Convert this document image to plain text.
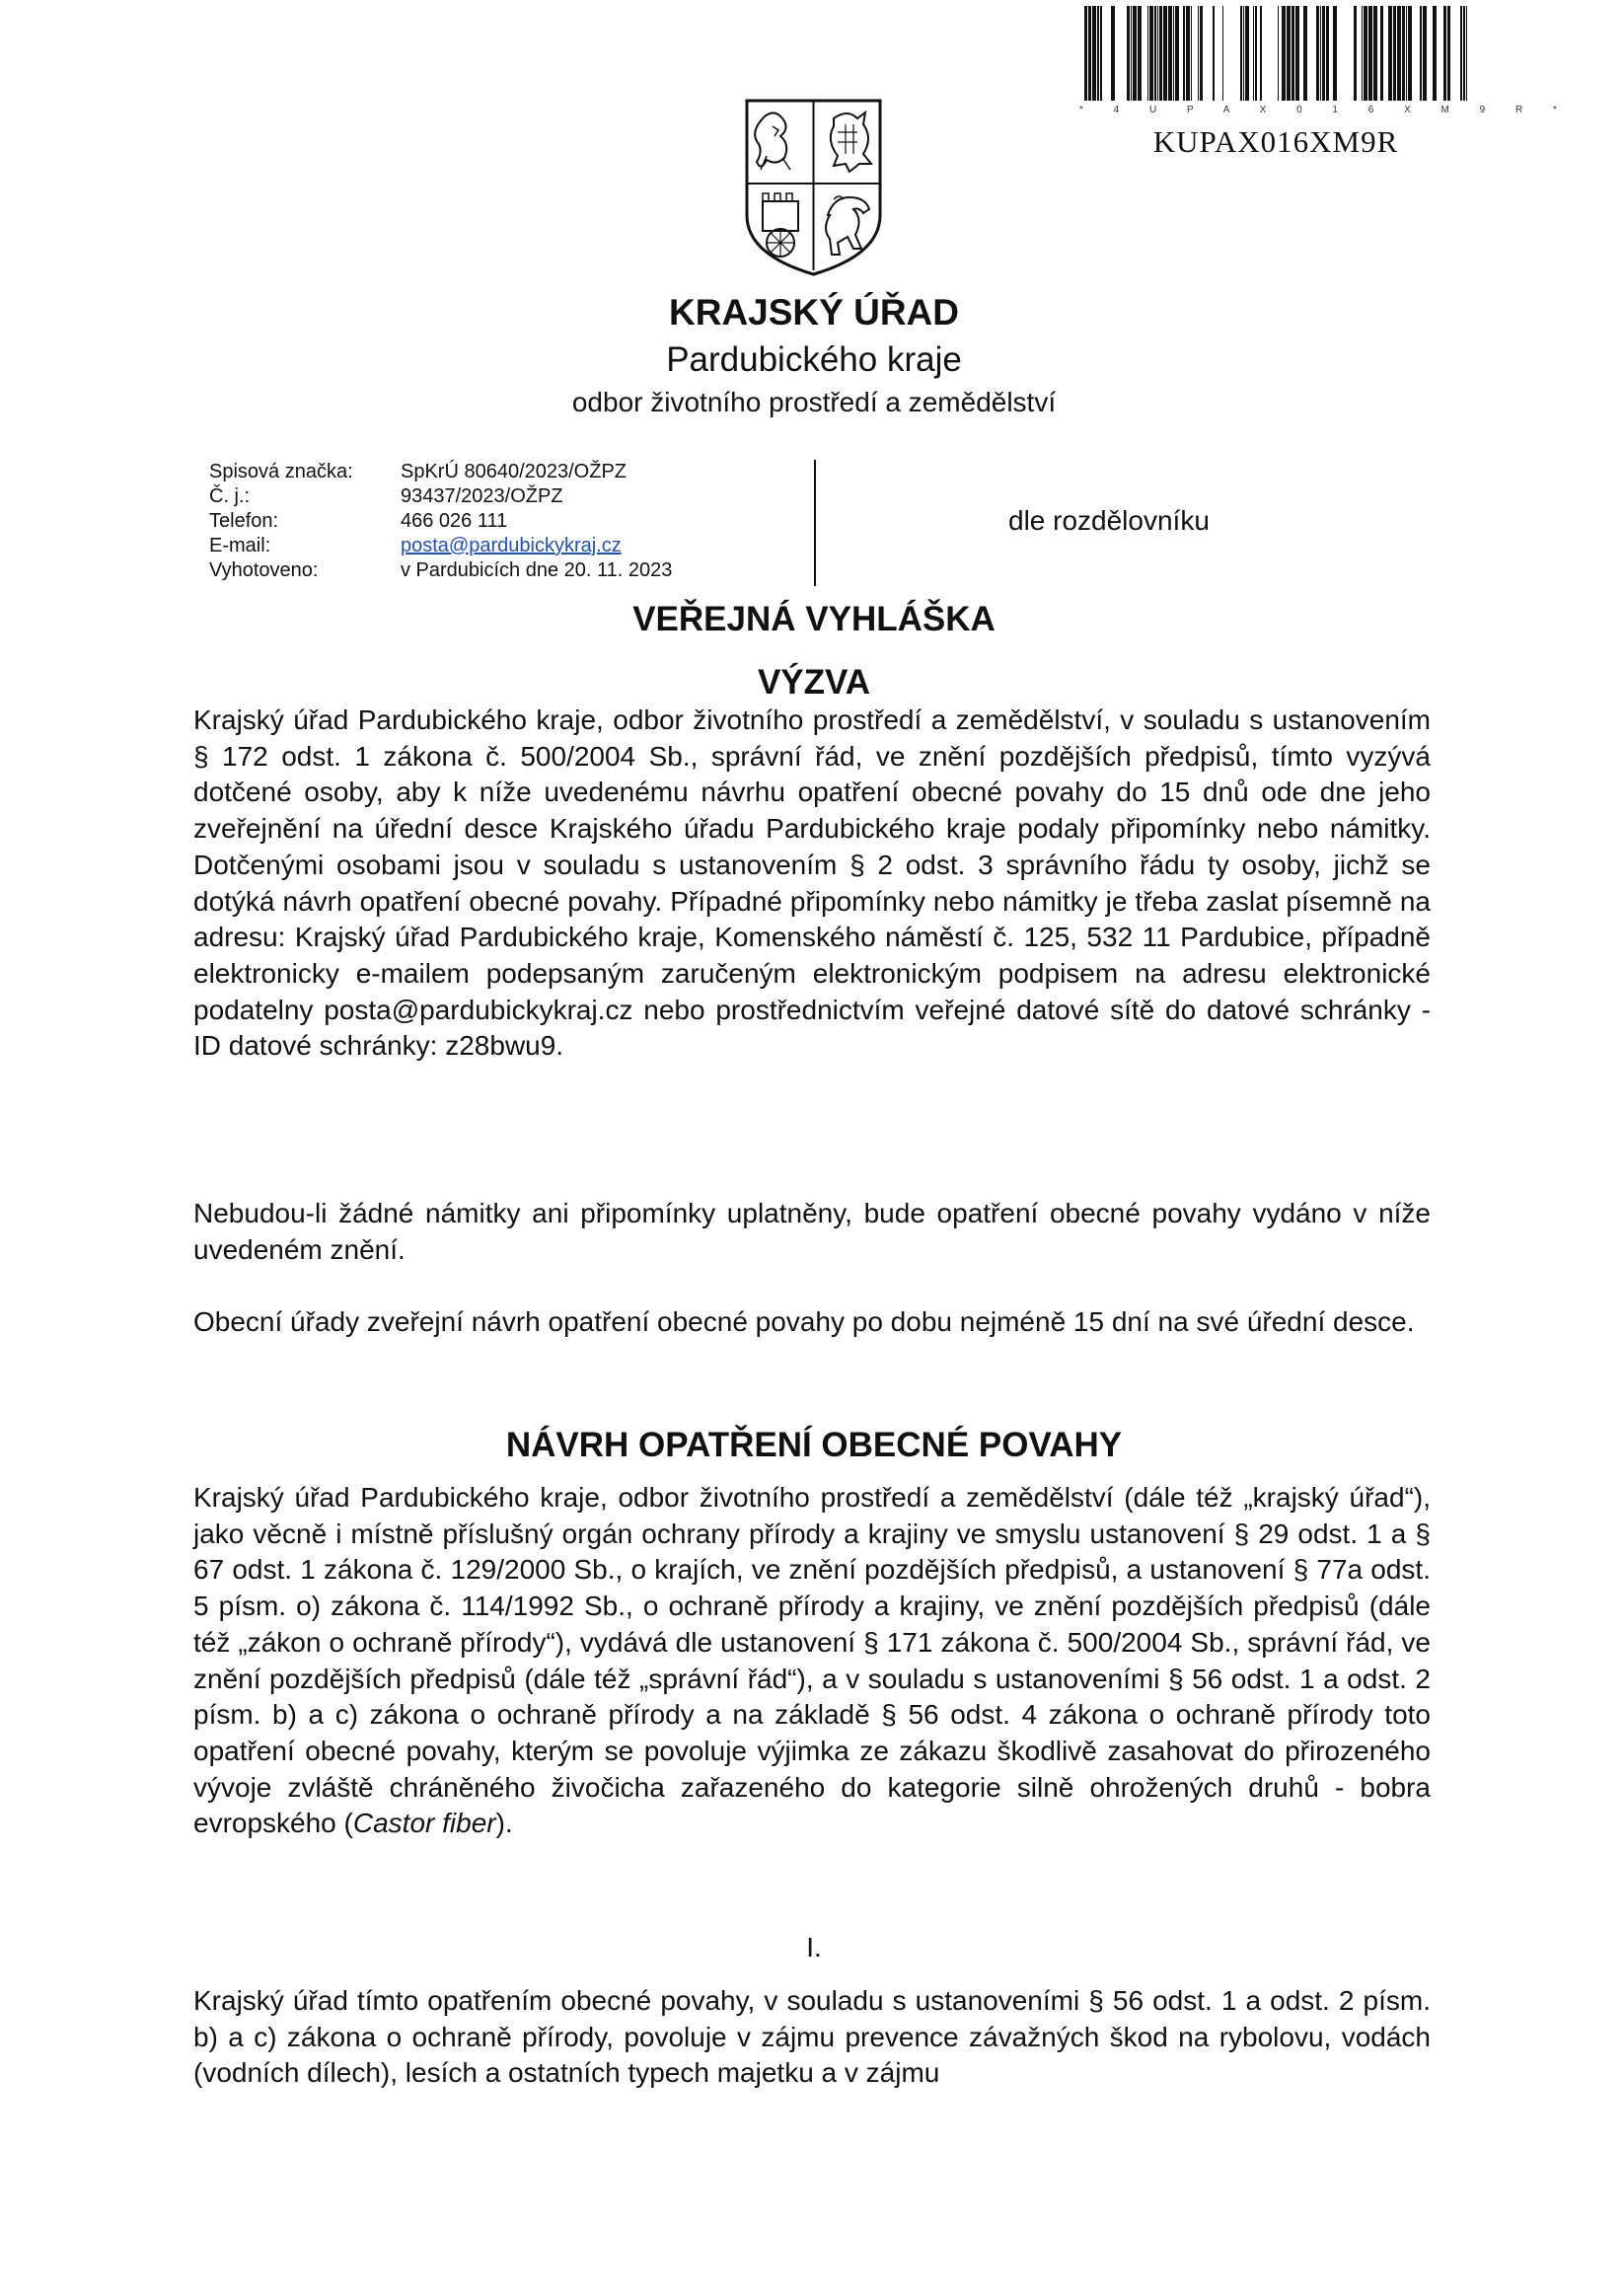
* 4 U P A X 0 1 6 X M 9 R *
KUPAX016XM9R
KRAJSKÝ ÚŘAD
Pardubického kraje
odbor životního prostředí a zemědělství
Spisová značka:	SpKrÚ 80640/2023/OŽPZ
Č. j.:	93437/2023/OŽPZ
Telefon:	466 026 111
E-mail:	posta@pardubickykraj.cz
Vyhotoveno:	v Pardubicích dne 20. 11. 2023
dle rozdělovníku
VEŘEJNÁ VYHLÁŠKA
VÝZVA

Krajský úřad Pardubického kraje, odbor životního prostředí a zemědělství, v souladu s ustanovením § 172 odst. 1 zákona č. 500/2004 Sb., správní řád, ve znění pozdějších předpisů, tímto vyzývá dotčené osoby, aby k níže uvedenému návrhu opatření obecné povahy do 15 dnů ode dne jeho zveřejnění na úřední desce Krajského úřadu Pardubického kraje podaly připomínky nebo námitky. Dotčenými osobami jsou v souladu s ustanovením § 2 odst. 3 správního řádu ty osoby, jichž se dotýká návrh opatření obecné povahy. Případné připomínky nebo námitky je třeba zaslat písemně na adresu: Krajský úřad Pardubického kraje, Komenského náměstí č. 125, 532 11 Pardubice, případně elektronicky e-mailem podepsaným zaručeným elektronickým podpisem na adresu elektronické podatelny posta@pardubickykraj.cz nebo prostřednictvím veřejné datové sítě do datové schránky - ID datové schránky: z28bwu9.

Nebudou-li žádné námitky ani připomínky uplatněny, bude opatření obecné povahy vydáno v níže uvedeném znění.

Obecní úřady zveřejní návrh opatření obecné povahy po dobu nejméně 15 dní na své úřední desce.

NÁVRH OPATŘENÍ OBECNÉ POVAHY

Krajský úřad Pardubického kraje, odbor životního prostředí a zemědělství (dále též „krajský úřad“), jako věcně i místně příslušný orgán ochrany přírody a krajiny ve smyslu ustanovení § 29 odst. 1 a § 67 odst. 1 zákona č. 129/2000 Sb., o krajích, ve znění pozdějších předpisů, a ustanovení § 77a odst. 5 písm. o) zákona č. 114/1992 Sb., o ochraně přírody a krajiny, ve znění pozdějších předpisů (dále též „zákon o ochraně přírody“), vydává dle ustanovení § 171 zákona č. 500/2004 Sb., správní řád, ve znění pozdějších předpisů (dále též „správní řád“), a v souladu s ustanoveními § 56 odst. 1 a odst. 2 písm. b) a c) zákona o ochraně přírody a na základě § 56 odst. 4 zákona o ochraně přírody toto opatření obecné povahy, kterým se povoluje výjimka ze zákazu škodlivě zasahovat do přirozeného vývoje zvláště chráněného živočicha zařazeného do kategorie silně ohrožených druhů - bobra evropského (Castor fiber).

I.

Krajský úřad tímto opatřením obecné povahy, v souladu s ustanoveními § 56 odst. 1 a odst. 2 písm. b) a c) zákona o ochraně přírody, povoluje v zájmu prevence závažných škod na rybolovu, vodách (vodních dílech), lesích a ostatních typech majetku a v zájmu
